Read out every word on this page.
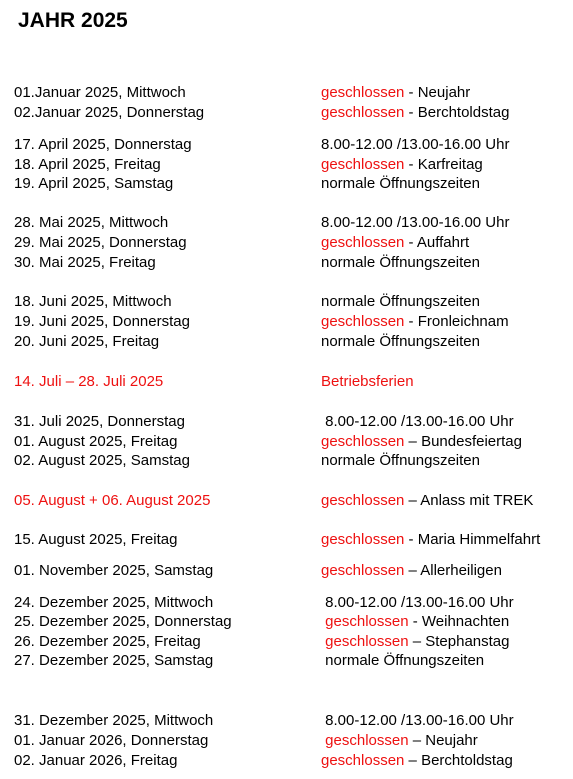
JAHR 2025
01.Januar 2025, Mittwoch	geschlossen - Neujahr
02.Januar 2025, Donnerstag	geschlossen - Berchtoldstag
17. April 2025, Donnerstag	8.00-12.00 /13.00-16.00 Uhr
18. April 2025, Freitag	geschlossen - Karfreitag
19. April 2025, Samstag	normale Öffnungszeiten
28. Mai 2025, Mittwoch	8.00-12.00 /13.00-16.00 Uhr
29. Mai 2025, Donnerstag	geschlossen - Auffahrt
30. Mai 2025, Freitag	normale Öffnungszeiten
18. Juni 2025, Mittwoch	normale Öffnungszeiten
19. Juni 2025, Donnerstag	geschlossen - Fronleichnam
20. Juni 2025, Freitag	normale Öffnungszeiten
14. Juli – 28. Juli 2025	Betriebsferien
31. Juli 2025, Donnerstag	8.00-12.00 /13.00-16.00 Uhr
01. August 2025, Freitag	geschlossen – Bundesfeiertag
02. August 2025, Samstag	normale Öffnungszeiten
05. August + 06. August 2025	geschlossen – Anlass mit TREK
15. August 2025, Freitag	geschlossen - Maria Himmelfahrt
01. November 2025, Samstag	geschlossen – Allerheiligen
24. Dezember 2025, Mittwoch	8.00-12.00 /13.00-16.00 Uhr
25. Dezember 2025, Donnerstag	geschlossen - Weihnachten
26. Dezember 2025, Freitag	geschlossen – Stephanstag
27. Dezember 2025, Samstag	normale Öffnungszeiten
31. Dezember 2025, Mittwoch	8.00-12.00 /13.00-16.00 Uhr
01. Januar 2026, Donnerstag	geschlossen – Neujahr
02. Januar 2026, Freitag	geschlossen – Berchtoldstag
